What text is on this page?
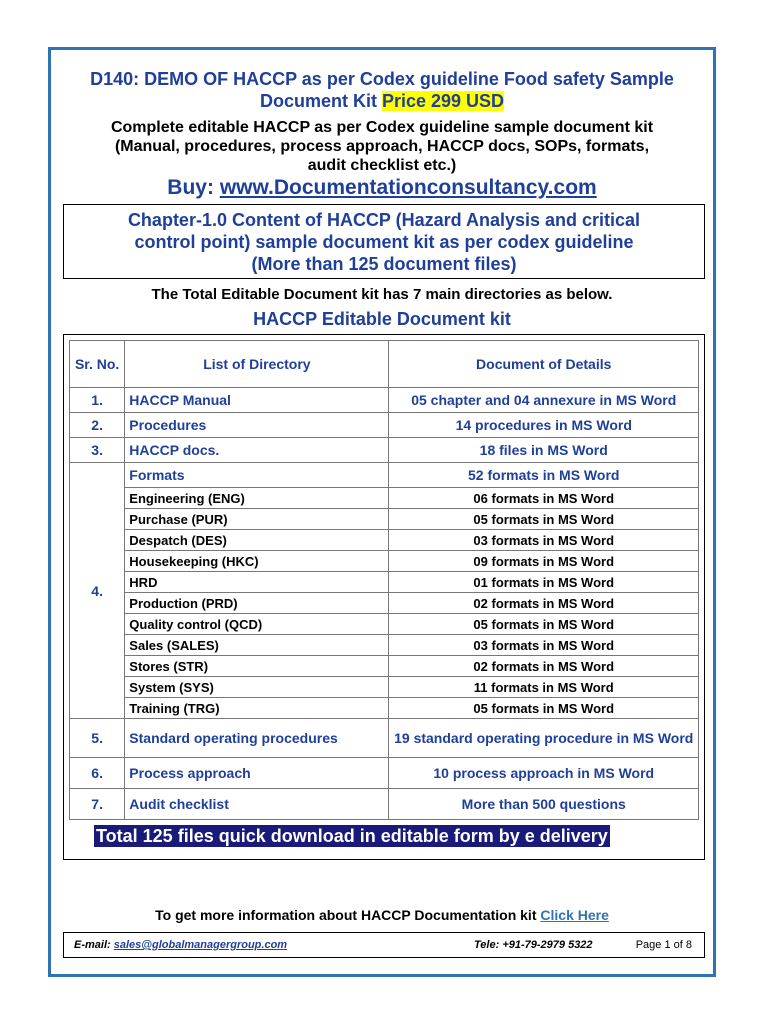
D140: DEMO OF HACCP as per Codex guideline Food safety Sample Document Kit Price 299 USD
Complete editable HACCP as per Codex guideline sample document kit
(Manual, procedures, process approach, HACCP docs, SOPs, formats,
audit checklist etc.)
Buy: www.Documentationconsultancy.com
Chapter-1.0 Content of HACCP (Hazard Analysis and critical
control point) sample document kit as per codex guideline
(More than 125 document files)
The Total Editable Document kit has 7 main directories as below.
HACCP Editable Document kit
Sr. No.	List of Directory	Document of Details
1.	HACCP Manual	05 chapter and 04 annexure in MS Word
2.	Procedures	14 procedures in MS Word
3.	HACCP docs.	18 files in MS Word
4.	Formats	52 formats in MS Word
	Engineering (ENG)	06 formats in MS Word
	Purchase (PUR)	05 formats in MS Word
	Despatch (DES)	03 formats in MS Word
	Housekeeping (HKC)	09 formats in MS Word
	HRD	01 formats in MS Word
	Production (PRD)	02 formats in MS Word
	Quality control (QCD)	05 formats in MS Word
	Sales (SALES)	03 formats in MS Word
	Stores (STR)	02 formats in MS Word
	System (SYS)	11 formats in MS Word
	Training (TRG)	05 formats in MS Word
5.	Standard operating procedures	19 standard operating procedure in MS Word
6.	Process approach	10 process approach in MS Word
7.	Audit checklist	More than 500 questions
Total 125 files quick download in editable form by e delivery
To get more information about HACCP Documentation kit Click Here
E-mail: sales@globalmanagergroup.com	Tele: +91-79-2979 5322	Page 1 of 8
